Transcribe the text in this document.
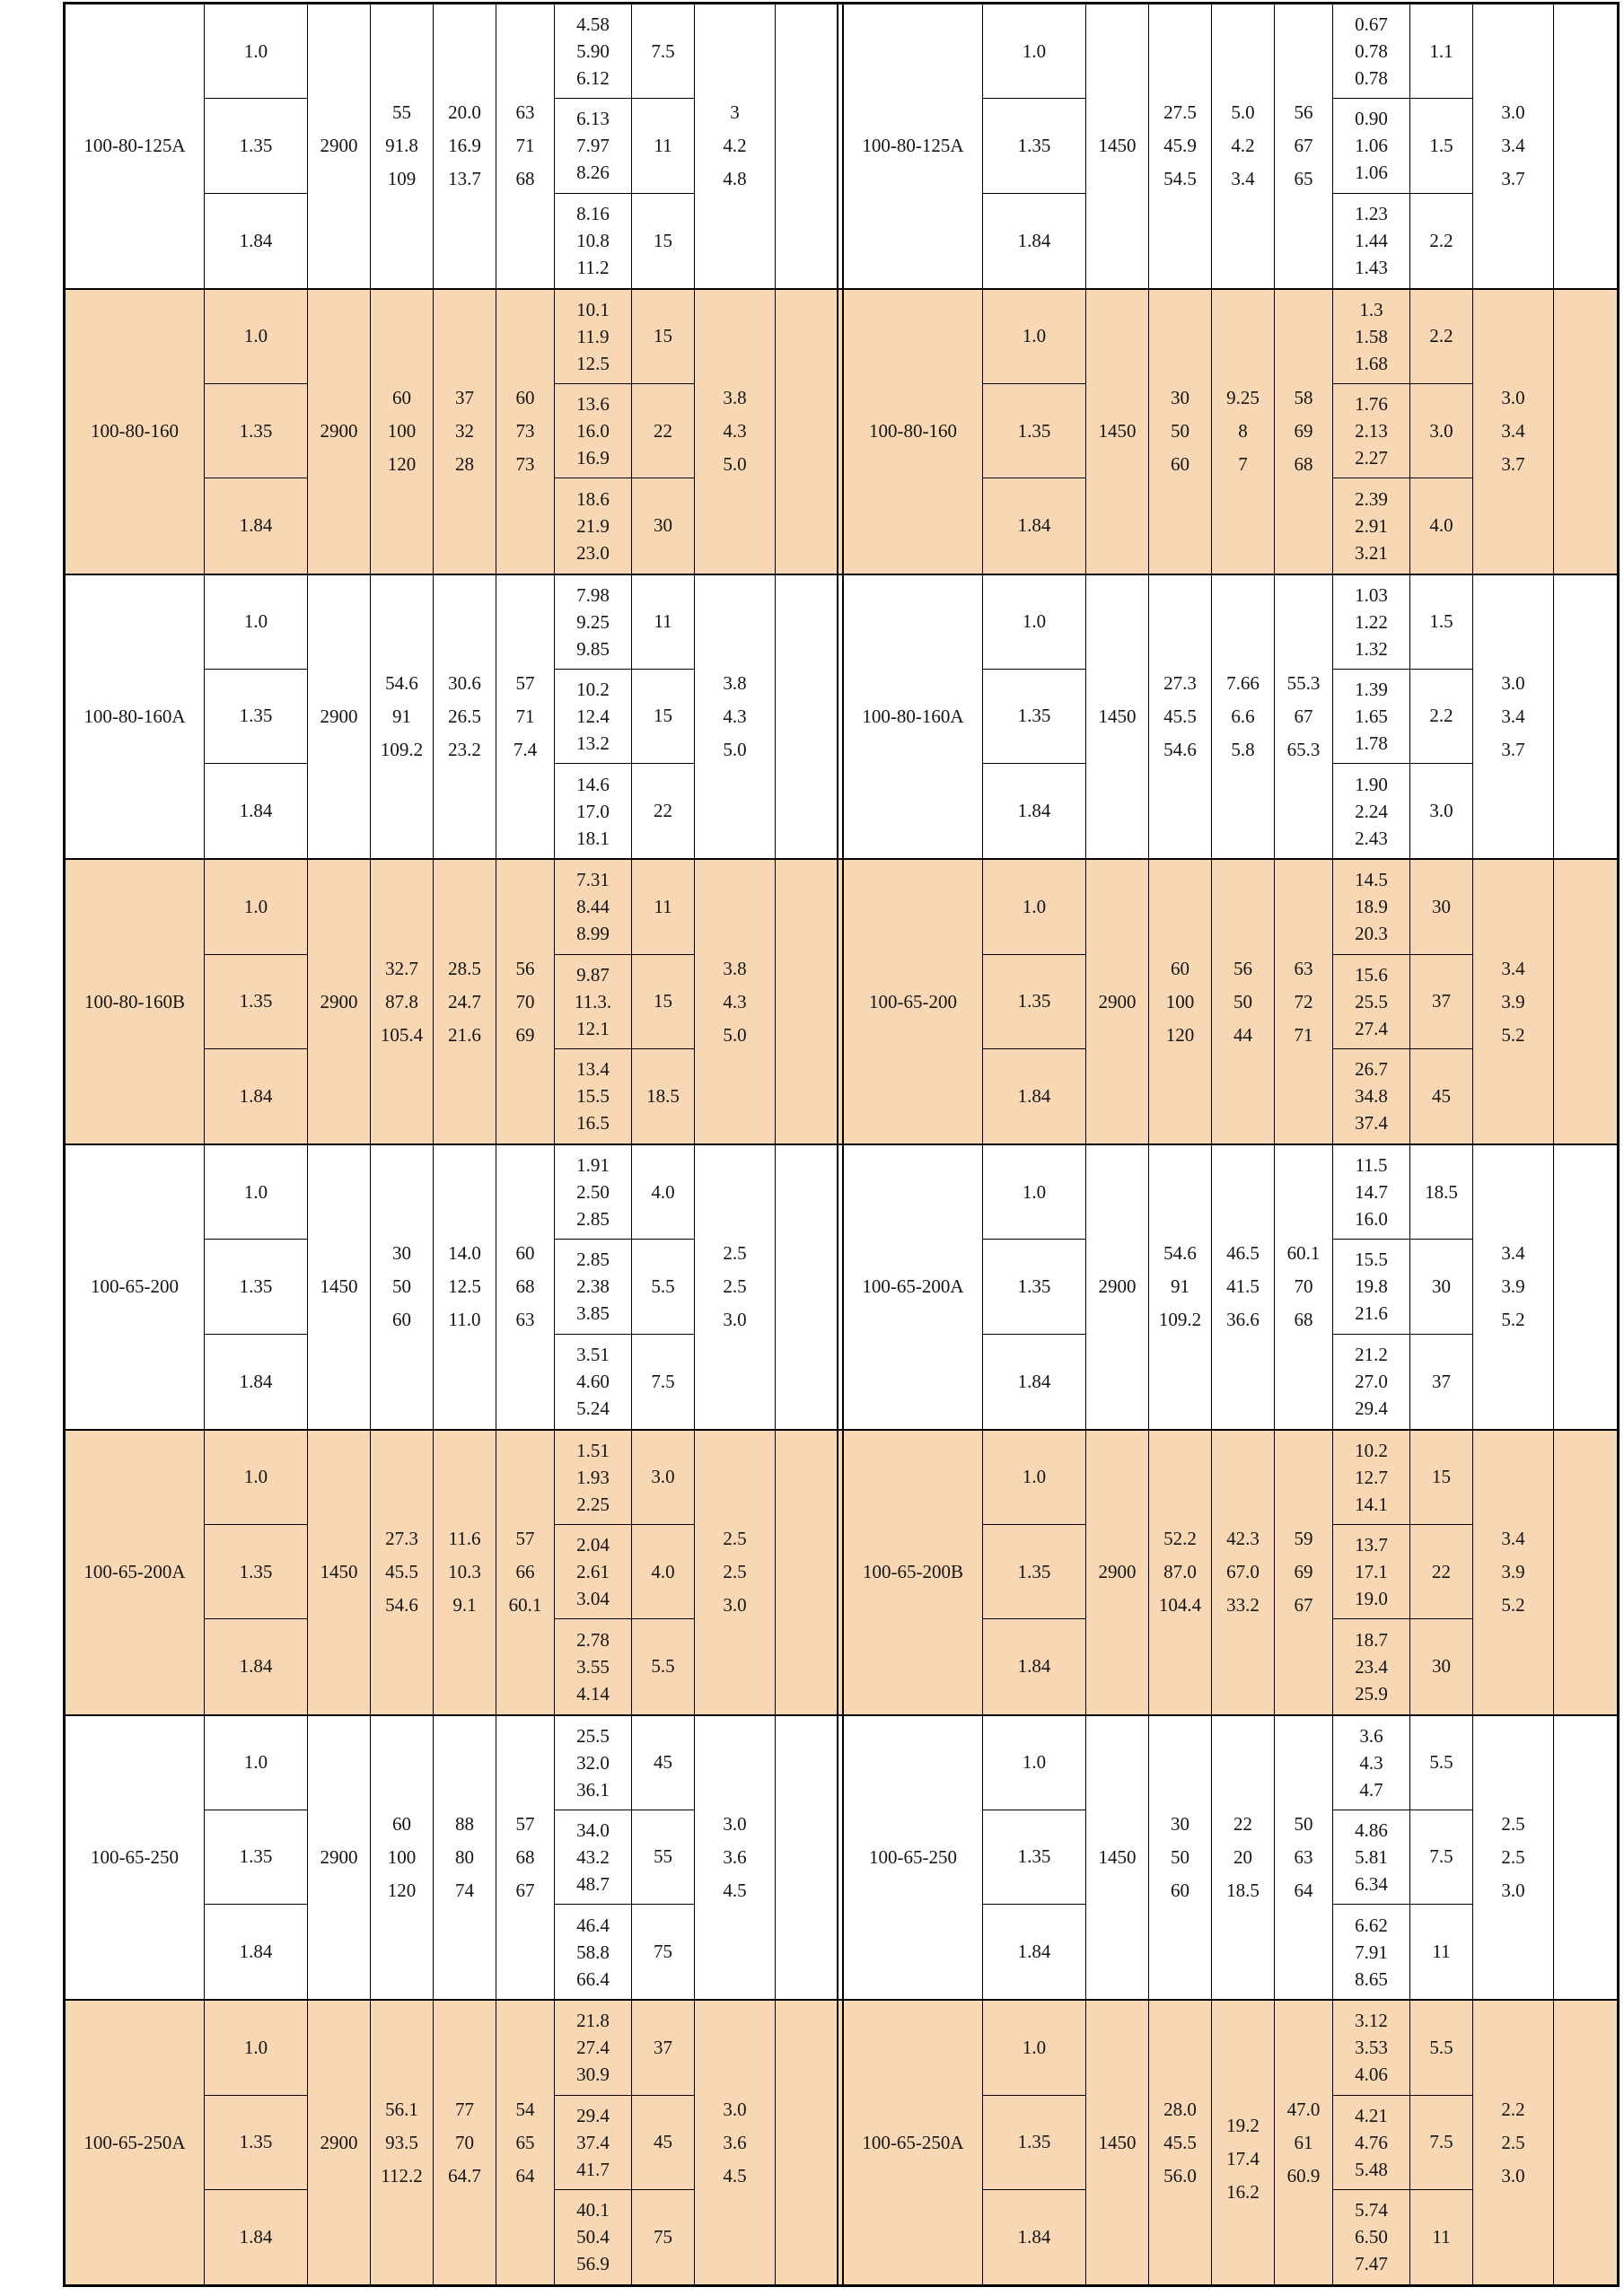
100-80-125A
1.0
1.35
1.84
2900
55
91.8
109
20.0
16.9
13.7
63
71
68
4.58
5.90
6.12
6.13
7.97
8.26
8.16
10.8
11.2
7.5
11
15
3
4.2
4.8
100-80-125A
1.0
1.35
1.84
1450
27.5
45.9
54.5
5.0
4.2
3.4
56
67
65
0.67
0.78
0.78
0.90
1.06
1.06
1.23
1.44
1.43
1.1
1.5
2.2
3.0
3.4
3.7
100-80-160
1.0
1.35
1.84
2900
60
100
120
37
32
28
60
73
73
10.1
11.9
12.5
13.6
16.0
16.9
18.6
21.9
23.0
15
22
30
3.8
4.3
5.0
100-80-160
1.0
1.35
1.84
1450
30
50
60
9.25
8
7
58
69
68
1.3
1.58
1.68
1.76
2.13
2.27
2.39
2.91
3.21
2.2
3.0
4.0
3.0
3.4
3.7
100-80-160A
1.0
1.35
1.84
2900
54.6
91
109.2
30.6
26.5
23.2
57
71
7.4
7.98
9.25
9.85
10.2
12.4
13.2
14.6
17.0
18.1
11
15
22
3.8
4.3
5.0
100-80-160A
1.0
1.35
1.84
1450
27.3
45.5
54.6
7.66
6.6
5.8
55.3
67
65.3
1.03
1.22
1.32
1.39
1.65
1.78
1.90
2.24
2.43
1.5
2.2
3.0
3.0
3.4
3.7
100-80-160B
1.0
1.35
1.84
2900
32.7
87.8
105.4
28.5
24.7
21.6
56
70
69
7.31
8.44
8.99
9.87
11.3.
12.1
13.4
15.5
16.5
11
15
18.5
3.8
4.3
5.0
100-65-200
1.0
1.35
1.84
2900
60
100
120
56
50
44
63
72
71
14.5
18.9
20.3
15.6
25.5
27.4
26.7
34.8
37.4
30
37
45
3.4
3.9
5.2
100-65-200
1.0
1.35
1.84
1450
30
50
60
14.0
12.5
11.0
60
68
63
1.91
2.50
2.85
2.85
2.38
3.85
3.51
4.60
5.24
4.0
5.5
7.5
2.5
2.5
3.0
100-65-200A
1.0
1.35
1.84
2900
54.6
91
109.2
46.5
41.5
36.6
60.1
70
68
11.5
14.7
16.0
15.5
19.8
21.6
21.2
27.0
29.4
18.5
30
37
3.4
3.9
5.2
100-65-200A
1.0
1.35
1.84
1450
27.3
45.5
54.6
11.6
10.3
9.1
57
66
60.1
1.51
1.93
2.25
2.04
2.61
3.04
2.78
3.55
4.14
3.0
4.0
5.5
2.5
2.5
3.0
100-65-200B
1.0
1.35
1.84
2900
52.2
87.0
104.4
42.3
67.0
33.2
59
69
67
10.2
12.7
14.1
13.7
17.1
19.0
18.7
23.4
25.9
15
22
30
3.4
3.9
5.2
100-65-250
1.0
1.35
1.84
2900
60
100
120
88
80
74
57
68
67
25.5
32.0
36.1
34.0
43.2
48.7
46.4
58.8
66.4
45
55
75
3.0
3.6
4.5
100-65-250
1.0
1.35
1.84
1450
30
50
60
22
20
18.5
50
63
64
3.6
4.3
4.7
4.86
5.81
6.34
6.62
7.91
8.65
5.5
7.5
11
2.5
2.5
3.0
100-65-250A
1.0
1.35
1.84
2900
56.1
93.5
112.2
77
70
64.7
54
65
64
21.8
27.4
30.9
29.4
37.4
41.7
40.1
50.4
56.9
37
45
75
3.0
3.6
4.5
100-65-250A
1.0
1.35
1.84
1450
28.0
45.5
56.0
19.2
17.4
16.2
47.0
61
60.9
3.12
3.53
4.06
4.21
4.76
5.48
5.74
6.50
7.47
5.5
7.5
11
2.2
2.5
3.0
